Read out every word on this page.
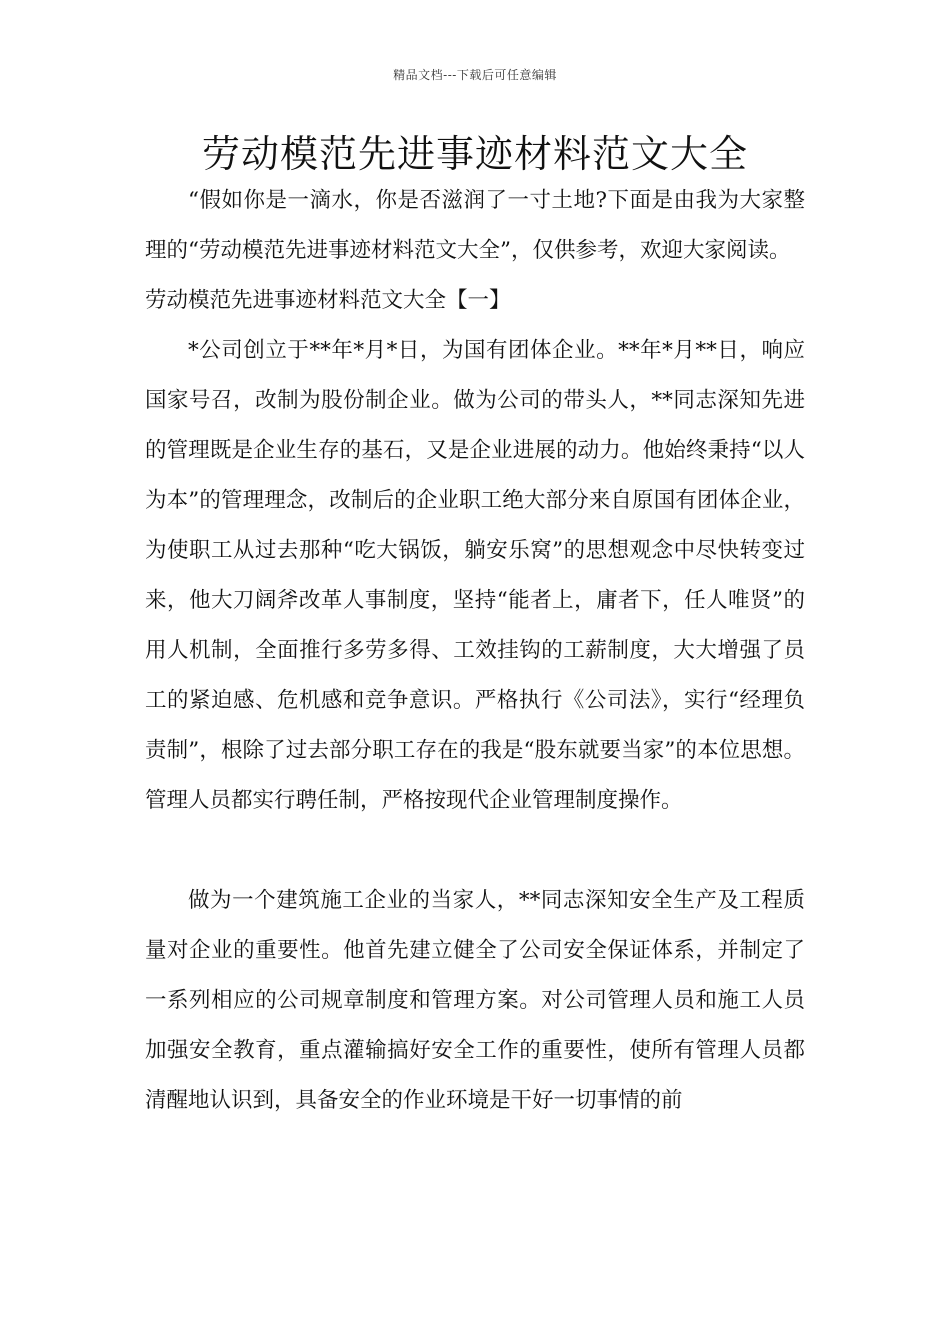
精品文档---下载后可任意编辑
劳动模范先进事迹材料范文大全

“假如你是一滴水，你是否滋润了一寸土地?下面是由我为大家整理的“劳动模范先进事迹材料范文大全”，仅供参考，欢迎大家阅读。

劳动模范先进事迹材料范文大全【一】

*公司创立于**年*月*日，为国有团体企业。**年*月**日，响应国家号召，改制为股份制企业。做为公司的带头人，**同志深知先进的管理既是企业生存的基石，又是企业进展的动力。他始终秉持“以人为本”的管理理念，改制后的企业职工绝大部分来自原国有团体企业，为使职工从过去那种“吃大锅饭，躺安乐窝”的思想观念中尽快转变过来，他大刀阔斧改革人事制度，坚持“能者上，庸者下，任人唯贤”的用人机制，全面推行多劳多得、工效挂钩的工薪制度，大大增强了员工的紧迫感、危机感和竞争意识。严格执行《公司法》，实行“经理负责制”，根除了过去部分职工存在的我是“股东就要当家”的本位思想。管理人员都实行聘任制，严格按现代企业管理制度操作。

做为一个建筑施工企业的当家人，**同志深知安全生产及工程质量对企业的重要性。他首先建立健全了公司安全保证体系，并制定了一系列相应的公司规章制度和管理方案。对公司管理人员和施工人员加强安全教育，重点灌输搞好安全工作的重要性，使所有管理人员都清醒地认识到，具备安全的作业环境是干好一切事情的前
